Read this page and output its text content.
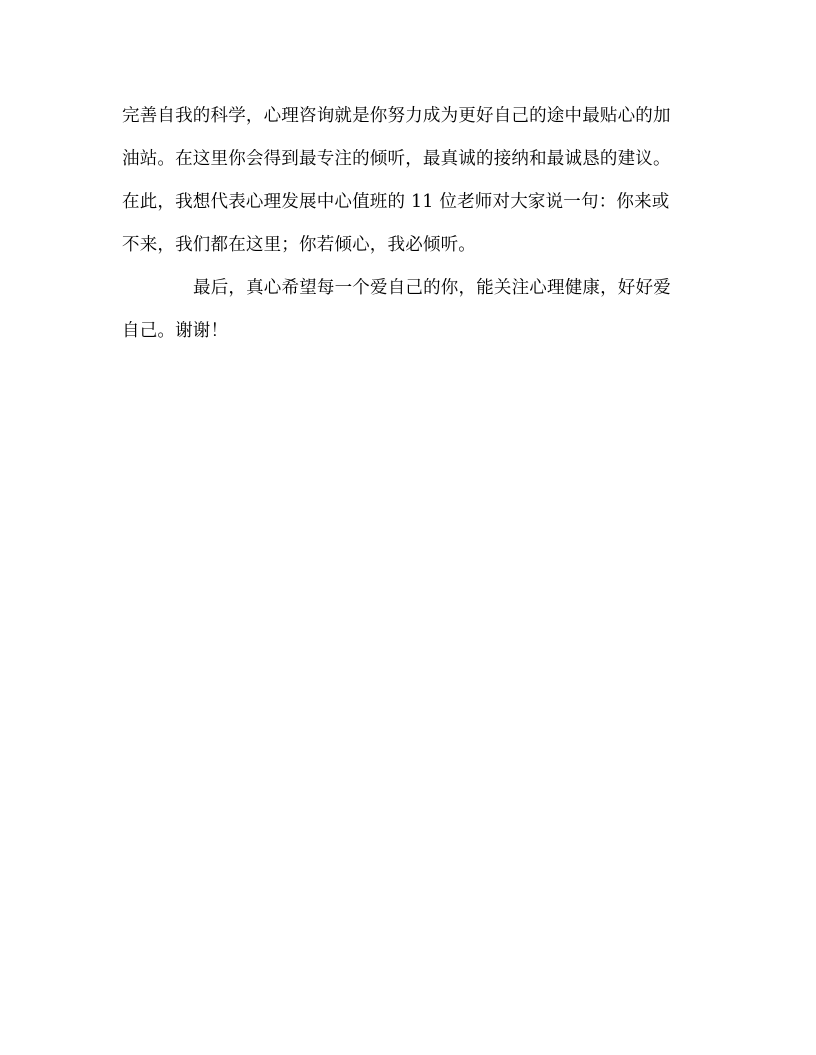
完善自我的科学，心理咨询就是你努力成为更好自己的途中最贴心的加
油站。在这里你会得到最专注的倾听，最真诚的接纳和最诚恳的建议。
在此，我想代表心理发展中心值班的 11 位老师对大家说一句：你来或
不来，我们都在这里；你若倾心，我必倾听。
最后，真心希望每一个爱自己的你，能关注心理健康，好好爱
自己。谢谢！
